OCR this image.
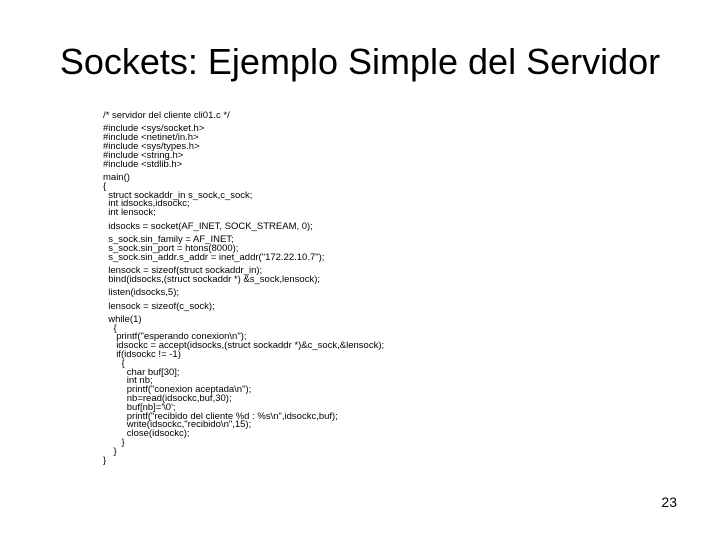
Sockets: Ejemplo Simple del Servidor
/* servidor del cliente cli01.c */
#include <sys/socket.h>
#include <netinet/in.h>
#include <sys/types.h>
#include <string.h>
#include <stdlib.h>
main()
{
struct sockaddr_in s_sock,c_sock;
int idsocks,idsockc;
int lensock;
idsocks = socket(AF_INET, SOCK_STREAM, 0);
s_sock.sin_family = AF_INET;
s_sock.sin_port = htons(8000);
s_sock.sin_addr.s_addr = inet_addr("172.22.10.7");
lensock = sizeof(struct sockaddr_in);
bind(idsocks,(struct sockaddr *) &s_sock,lensock);
listen(idsocks,5);
lensock = sizeof(c_sock);
while(1)
{
printf("esperando conexion\n");
idsockc = accept(idsocks,(struct sockaddr *)&c_sock,&lensock);
if(idsockc != -1)
{
char buf[30];
int nb;
printf("conexion aceptada\n");
nb=read(idsockc,buf,30);
buf[nb]='\0';
printf("recibido del cliente %d : %s\n",idsockc,buf);
write(idsockc,"recibido\n",15);
close(idsockc);
}
}
}
23
